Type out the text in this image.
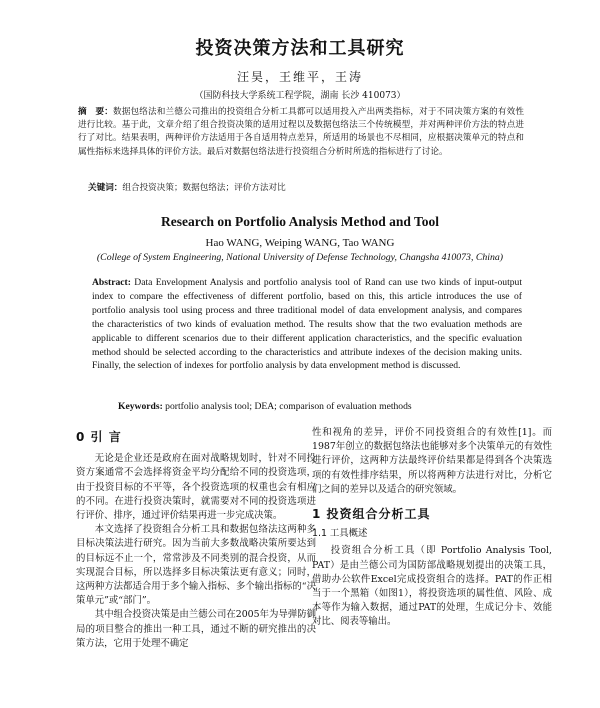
投资决策方法和工具研究
汪昊，王维平，王涛
（国防科技大学系统工程学院，湖南 长沙 410073）
摘　要：数据包络法和兰德公司推出的投资组合分析工具都可以适用投入产出两类指标，对于不同决策方案的有效性进行比较。基于此，文章介绍了组合投资决策的适用过程以及数据包络法三个传统模型，并对两种评价方法的特点进行了对比。结果表明，两种评价方法适用于各自适用特点差异，所适用的场景也不尽相同，应根据决策单元的特点和属性指标来选择具体的评价方法。最后对数据包络法进行投资组合分析时所选的指标进行了讨论。
关键词：组合投资决策；数据包络法；评价方法对比
Research on Portfolio Analysis Method and Tool
Hao WANG, Weiping WANG, Tao WANG
(College of System Engineering, National University of Defense Technology, Changsha 410073, China)
Abstract: Data Envelopment Analysis and portfolio analysis tool of Rand can use two kinds of input-output index to compare the effectiveness of different portfolio, based on this, this article introduces the use of portfolio analysis tool using process and three traditional model of data envelopment analysis, and compares the characteristics of two kinds of evaluation method. The results show that the two evaluation methods are applicable to different scenarios due to their different application characteristics, and the specific evaluation method should be selected according to the characteristics and attribute indexes of the decision making units. Finally, the selection of indexes for portfolio analysis by data envelopment method is discussed.
Keywords: portfolio analysis tool; DEA; comparison of evaluation methods
0 引 言

无论是企业还是政府在面对战略规划时，针对不同投资方案通常不会选择将资金平均分配给不同的投资选项，由于投资目标的不平等，各个投资选项的权重也会有相应的不同。在进行投资决策时，就需要对不同的投资选项进行评价、排序，通过评价结果再进一步完成决策。

本文选择了投资组合分析工具和数据包络法这两种多目标决策法进行研究。因为当前大多数战略决策所要达到的目标远不止一个，常常涉及不同类别的混合投资，从而实现混合目标，所以选择多目标决策法更有意义；同时，这两种方法都适合用于多个输入指标、多个输出指标的“决策单元”或“部门”。

其中组合投资决策是由兰德公司在2005年为导弹防御局的项目整合的推出一种工具，通过不断的研究推出的决策方法，它用于处理不确定

性和视角的差异，评价不同投资组合的有效性[1]。而1987年创立的数据包络法也能够对多个决策单元的有效性进行评价，这两种方法最终评价结果都是得到各个决策选项的有效性排序结果，所以将两种方法进行对比，分析它们之间的差异以及适合的研究领域。

1 投资组合分析工具
1.1 工具概述

投资组合分析工具（即 Portfolio Analysis Tool, PAT）是由兰德公司为国防部战略规划提出的决策工具，借助办公软件Excel完成投资组合的选择。PAT的作正相当于一个黑箱（如图1），将投资选项的属性值、风险、成本等作为输入数据，通过PAT的处理，生成记分卡、效能对比、阅表等输出。
